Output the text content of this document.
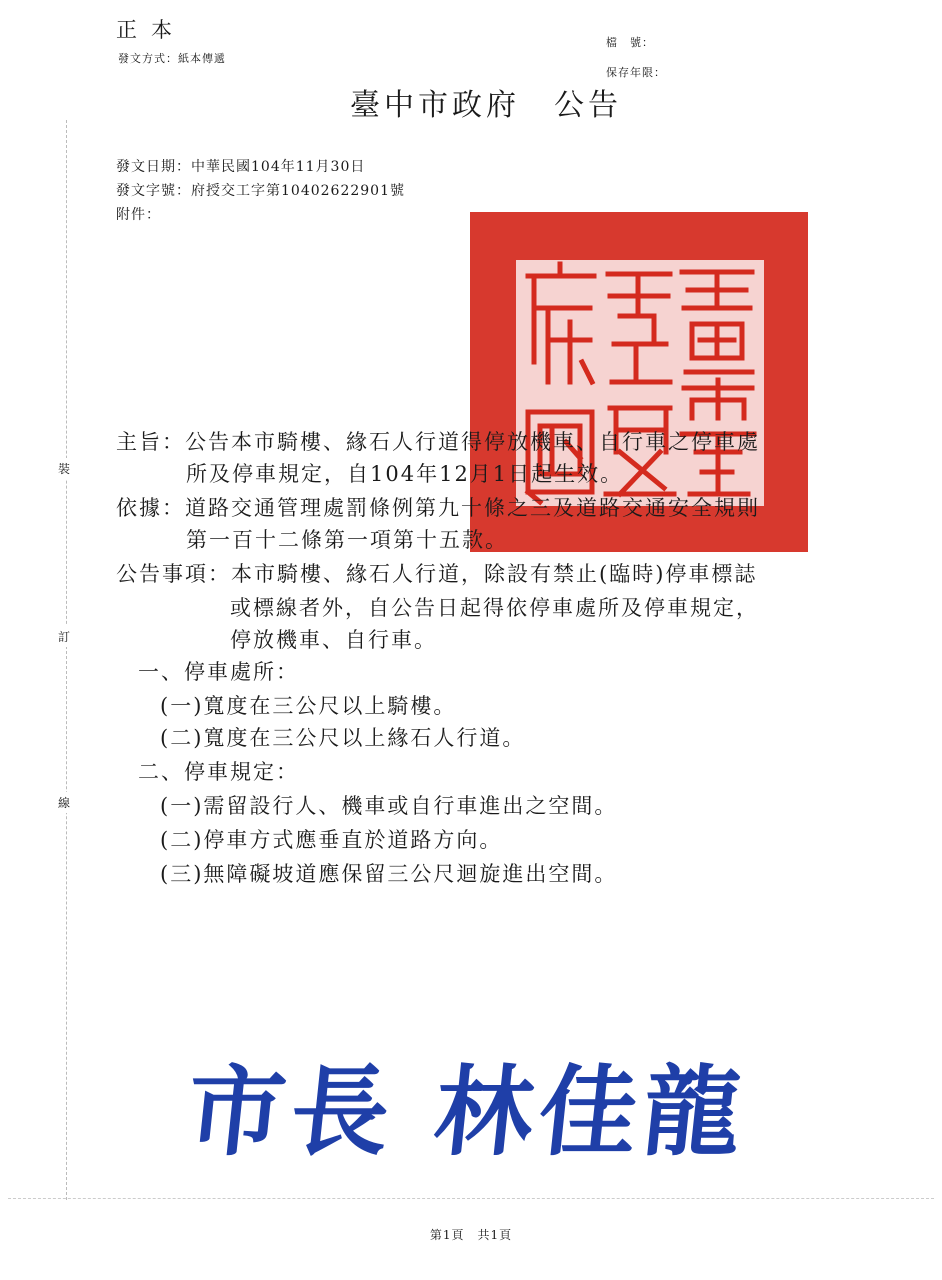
正本
發文方式：紙本傳遞
檔　號：
保存年限：
臺中市政府　公告
發文日期：中華民國104年11月30日
發文字號：府授交工字第10402622901號
附件：
裝
訂
線
主旨：公告本市騎樓、緣石人行道得停放機車、自行車之停車處
所及停車規定，自104年12月1日起生效。
依據：道路交通管理處罰條例第九十條之三及道路交通安全規則
第一百十二條第一項第十五款。
公告事項：本市騎樓、緣石人行道，除設有禁止(臨時)停車標誌
或標線者外，自公告日起得依停車處所及停車規定，
停放機車、自行車。
一、停車處所：
(一)寬度在三公尺以上騎樓。
(二)寬度在三公尺以上緣石人行道。
二、停車規定：
(一)需留設行人、機車或自行車進出之空間。
(二)停車方式應垂直於道路方向。
(三)無障礙坡道應保留三公尺迴旋進出空間。
市長 林佳龍
第1頁　共1頁
